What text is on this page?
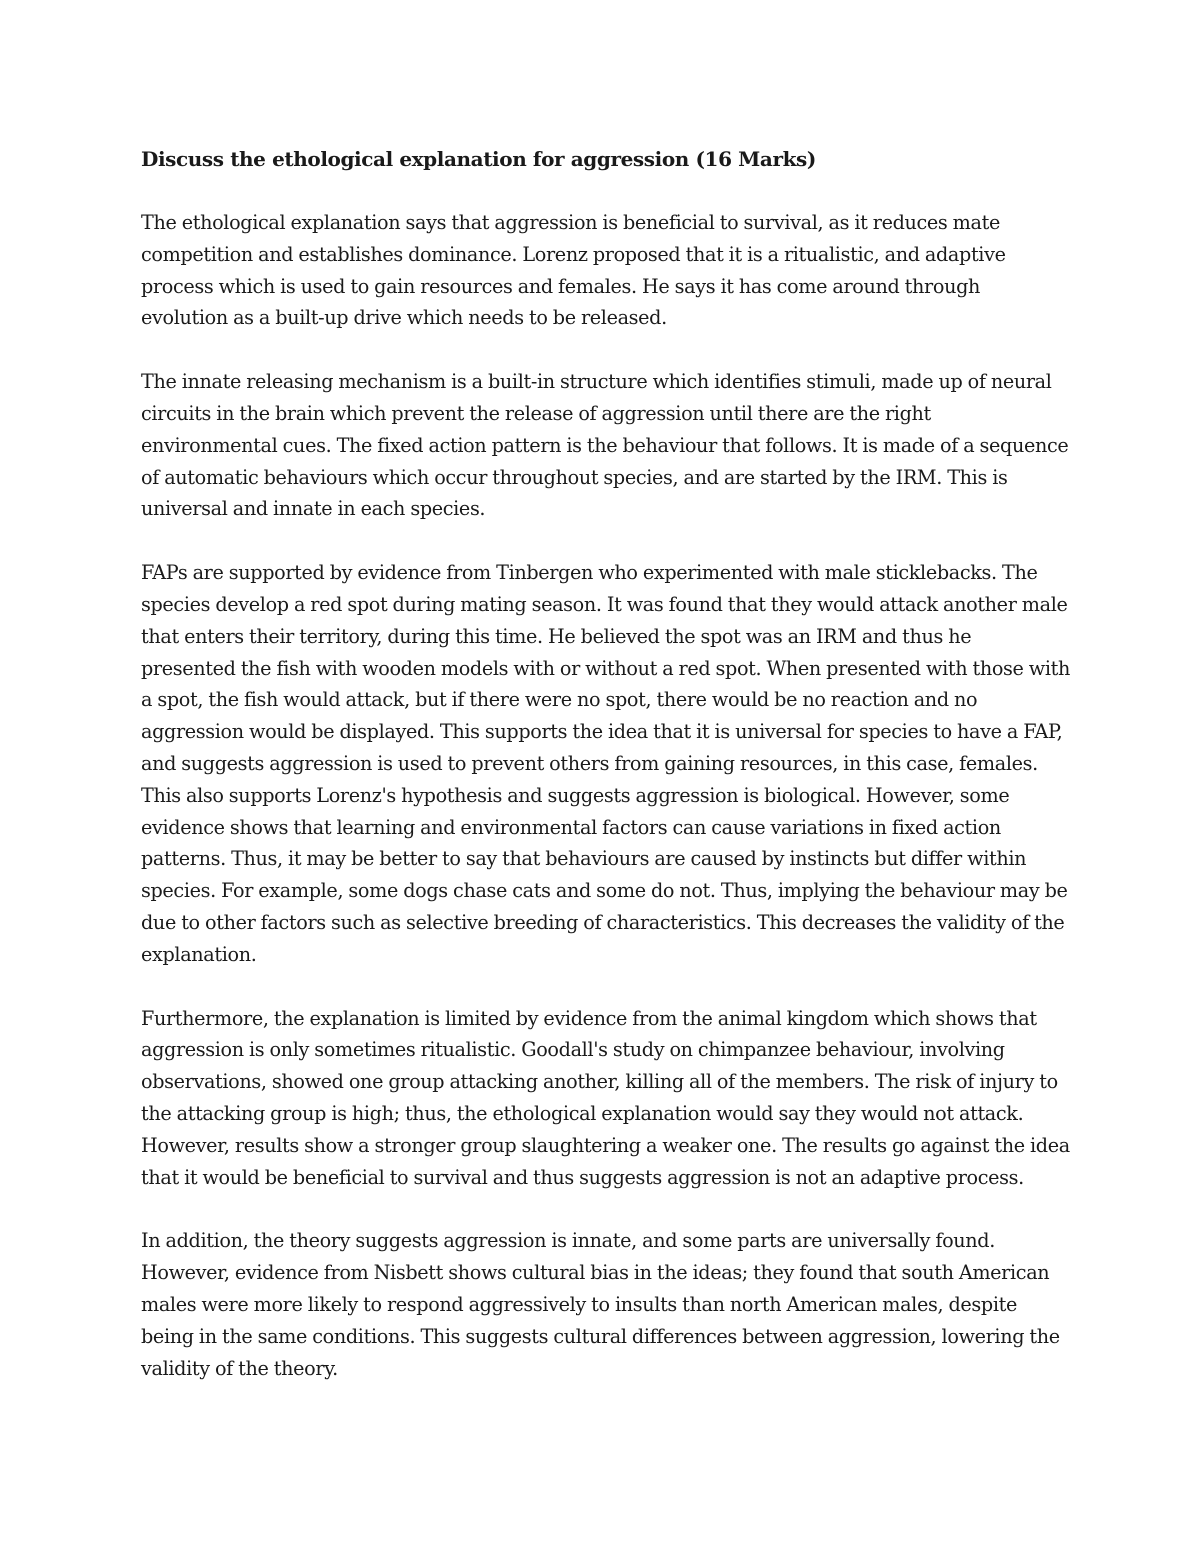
Discuss the ethological explanation for aggression (16 Marks)

The ethological explanation says that aggression is beneficial to survival, as it reduces mate competition and establishes dominance. Lorenz proposed that it is a ritualistic, and adaptive process which is used to gain resources and females. He says it has come around through evolution as a built-up drive which needs to be released.

The innate releasing mechanism is a built-in structure which identifies stimuli, made up of neural circuits in the brain which prevent the release of aggression until there are the right environmental cues. The fixed action pattern is the behaviour that follows. It is made of a sequence of automatic behaviours which occur throughout species, and are started by the IRM. This is universal and innate in each species.

FAPs are supported by evidence from Tinbergen who experimented with male sticklebacks. The species develop a red spot during mating season. It was found that they would attack another male that enters their territory, during this time. He believed the spot was an IRM and thus he presented the fish with wooden models with or without a red spot. When presented with those with a spot, the fish would attack, but if there were no spot, there would be no reaction and no aggression would be displayed. This supports the idea that it is universal for species to have a FAP, and suggests aggression is used to prevent others from gaining resources, in this case, females. This also supports Lorenz's hypothesis and suggests aggression is biological. However, some evidence shows that learning and environmental factors can cause variations in fixed action patterns. Thus, it may be better to say that behaviours are caused by instincts but differ within species. For example, some dogs chase cats and some do not. Thus, implying the behaviour may be due to other factors such as selective breeding of characteristics. This decreases the validity of the explanation.

Furthermore, the explanation is limited by evidence from the animal kingdom which shows that aggression is only sometimes ritualistic. Goodall's study on chimpanzee behaviour, involving observations, showed one group attacking another, killing all of the members. The risk of injury to the attacking group is high; thus, the ethological explanation would say they would not attack. However, results show a stronger group slaughtering a weaker one. The results go against the idea that it would be beneficial to survival and thus suggests aggression is not an adaptive process.

In addition, the theory suggests aggression is innate, and some parts are universally found. However, evidence from Nisbett shows cultural bias in the ideas; they found that south American males were more likely to respond aggressively to insults than north American males, despite being in the same conditions. This suggests cultural differences between aggression, lowering the validity of the theory.
